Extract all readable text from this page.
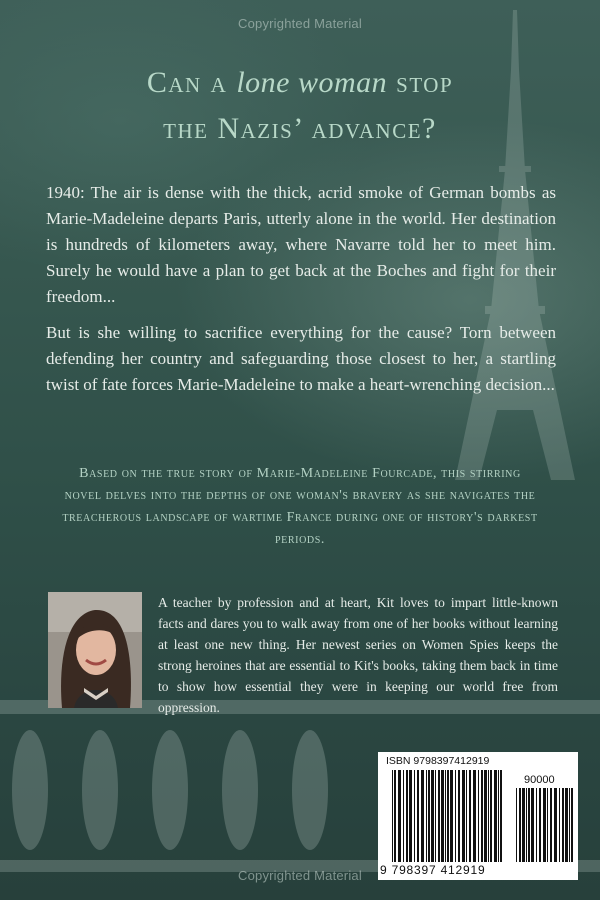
Copyrighted Material
Can a lone woman stop
the Nazis’ advance?

1940: The air is dense with the thick, acrid smoke of German bombs as Marie-Madeleine departs Paris, utterly alone in the world. Her destination is hundreds of kilometers away, where Navarre told her to meet him. Surely he would have a plan to get back at the Boches and fight for their freedom...

But is she willing to sacrifice everything for the cause? Torn between defending her country and safeguarding those closest to her, a startling twist of fate forces Marie-Madeleine to make a heart-wrenching decision...

Based on the true story of Marie-Madeleine Fourcade, this stirring novel delves into the depths of one woman's bravery as she navigates the treacherous landscape of wartime France during one of history's darkest periods.

A teacher by profession and at heart, Kit loves to impart little-known facts and dares you to walk away from one of her books without learning at least one new thing. Her newest series on Women Spies keeps the strong heroines that are essential to Kit's books, taking them back in time to show how essential they were in keeping our world free from oppression.

ISBN 9798397412919
90000
9 798397 412919
Copyrighted Material
